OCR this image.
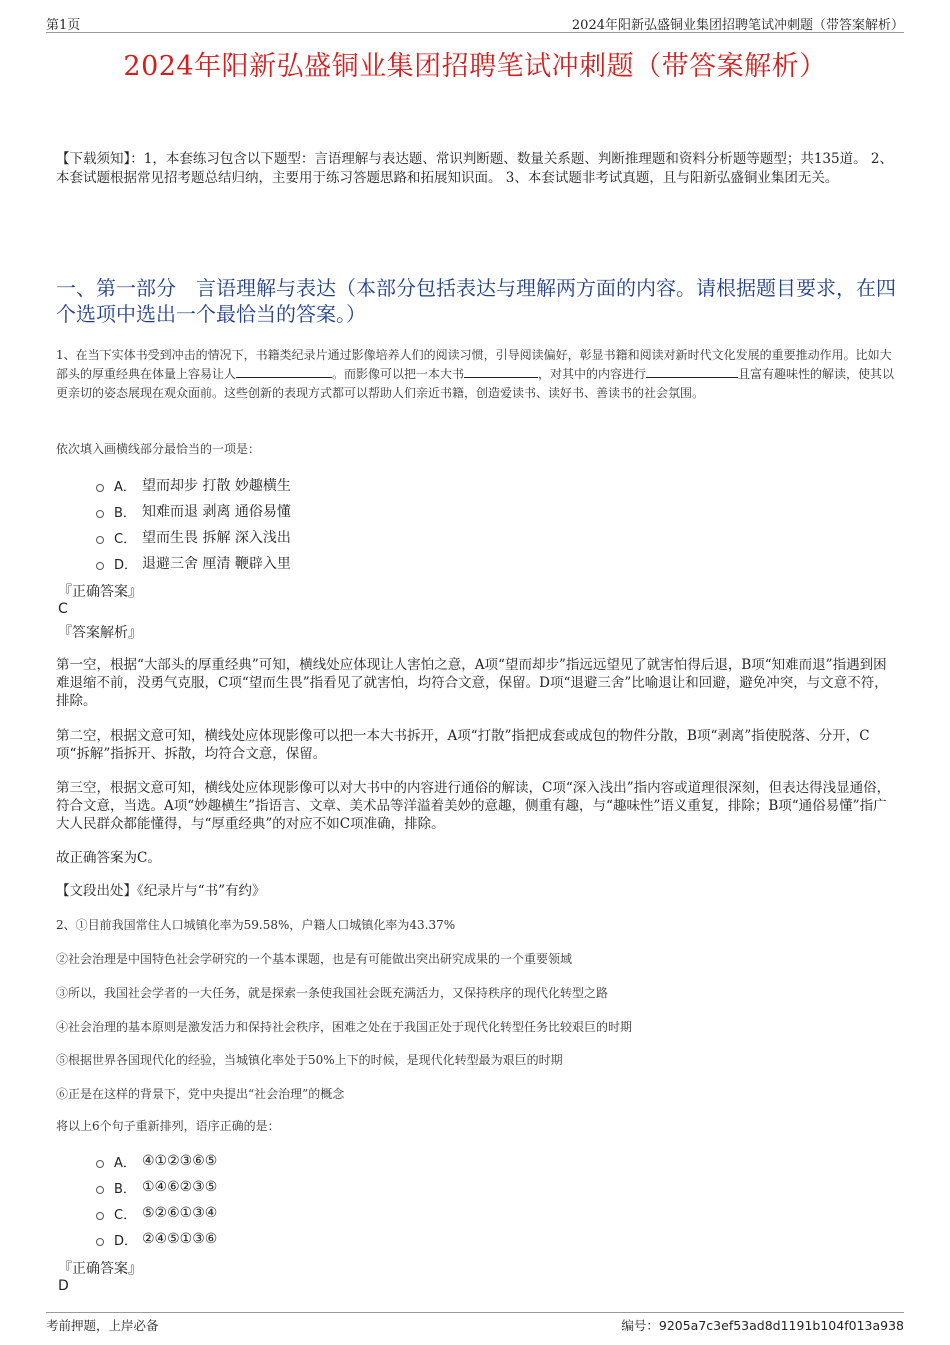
第1页	2024年阳新弘盛铜业集团招聘笔试冲刺题（带答案解析）
2024年阳新弘盛铜业集团招聘笔试冲刺题（带答案解析）
【下载须知】：1，本套练习包含以下题型：言语理解与表达题、常识判断题、数量关系题、判断推理题和资料分析题等题型；共135道。 2、本套试题根据常见招考题总结归纳，主要用于练习答题思路和拓展知识面。 3、本套试题非考试真题，且与阳新弘盛铜业集团无关。
一、第一部分 言语理解与表达（本部分包括表达与理解两方面的内容。请根据题目要求，在四个选项中选出一个最恰当的答案。）
1、在当下实体书受到冲击的情况下，书籍类纪录片通过影像培养人们的阅读习惯，引导阅读偏好，彰显书籍和阅读对新时代文化发展的重要推动作用。比如大部头的厚重经典在体量上容易让人	。而影像可以把一本大书	，对其中的内容进行	且富有趣味性的解读，使其以更亲切的姿态展现在观众面前。这些创新的表现方式都可以帮助人们亲近书籍，创造爱读书、读好书、善读书的社会氛围。
依次填入画横线部分最恰当的一项是：
A． 望而却步 打散 妙趣横生
B． 知难而退 剥离 通俗易懂
C． 望而生畏 拆解 深入浅出
D． 退避三舍 厘清 鞭辟入里
『正确答案』
C
『答案解析』
第一空，根据“大部头的厚重经典”可知，横线处应体现让人害怕之意，A项“望而却步”指远远望见了就害怕得后退，B项“知难而退”指遇到困难退缩不前，没勇气克服，C项“望而生畏”指看见了就害怕，均符合文意，保留。D项“退避三舍”比喻退让和回避，避免冲突，与文意不符，排除。
第二空，根据文意可知，横线处应体现影像可以把一本大书拆开，A项“打散”指把成套或成包的物件分散，B项“剥离”指使脱落、分开，C项“拆解”指拆开、拆散，均符合文意，保留。
第三空，根据文意可知，横线处应体现影像可以对大书中的内容进行通俗的解读，C项“深入浅出”指内容或道理很深刻，但表达得浅显通俗，符合文意，当选。A项“妙趣横生”指语言、文章、美术品等洋溢着美妙的意趣，侧重有趣，与“趣味性”语义重复，排除；B项“通俗易懂”指广大人民群众都能懂得，与“厚重经典”的对应不如C项准确，排除。
故正确答案为C。
【文段出处】《纪录片与“书”有约》
2、①目前我国常住人口城镇化率为59.58%，户籍人口城镇化率为43.37%
②社会治理是中国特色社会学研究的一个基本课题，也是有可能做出突出研究成果的一个重要领域
③所以，我国社会学者的一大任务，就是探索一条使我国社会既充满活力，又保持秩序的现代化转型之路
④社会治理的基本原则是激发活力和保持社会秩序，困难之处在于我国正处于现代化转型任务比较艰巨的时期
⑤根据世界各国现代化的经验，当城镇化率处于50%上下的时候，是现代化转型最为艰巨的时期
⑥正是在这样的背景下，党中央提出“社会治理”的概念
将以上6个句子重新排列，语序正确的是：
A． ④①②③⑥⑤
B． ①④⑥②③⑤
C． ⑤②⑥①③④
D． ②④⑤①③⑥
『正确答案』
D
考前押题，上岸必备	编号：9205a7c3ef53ad8d1191b104f013a938
